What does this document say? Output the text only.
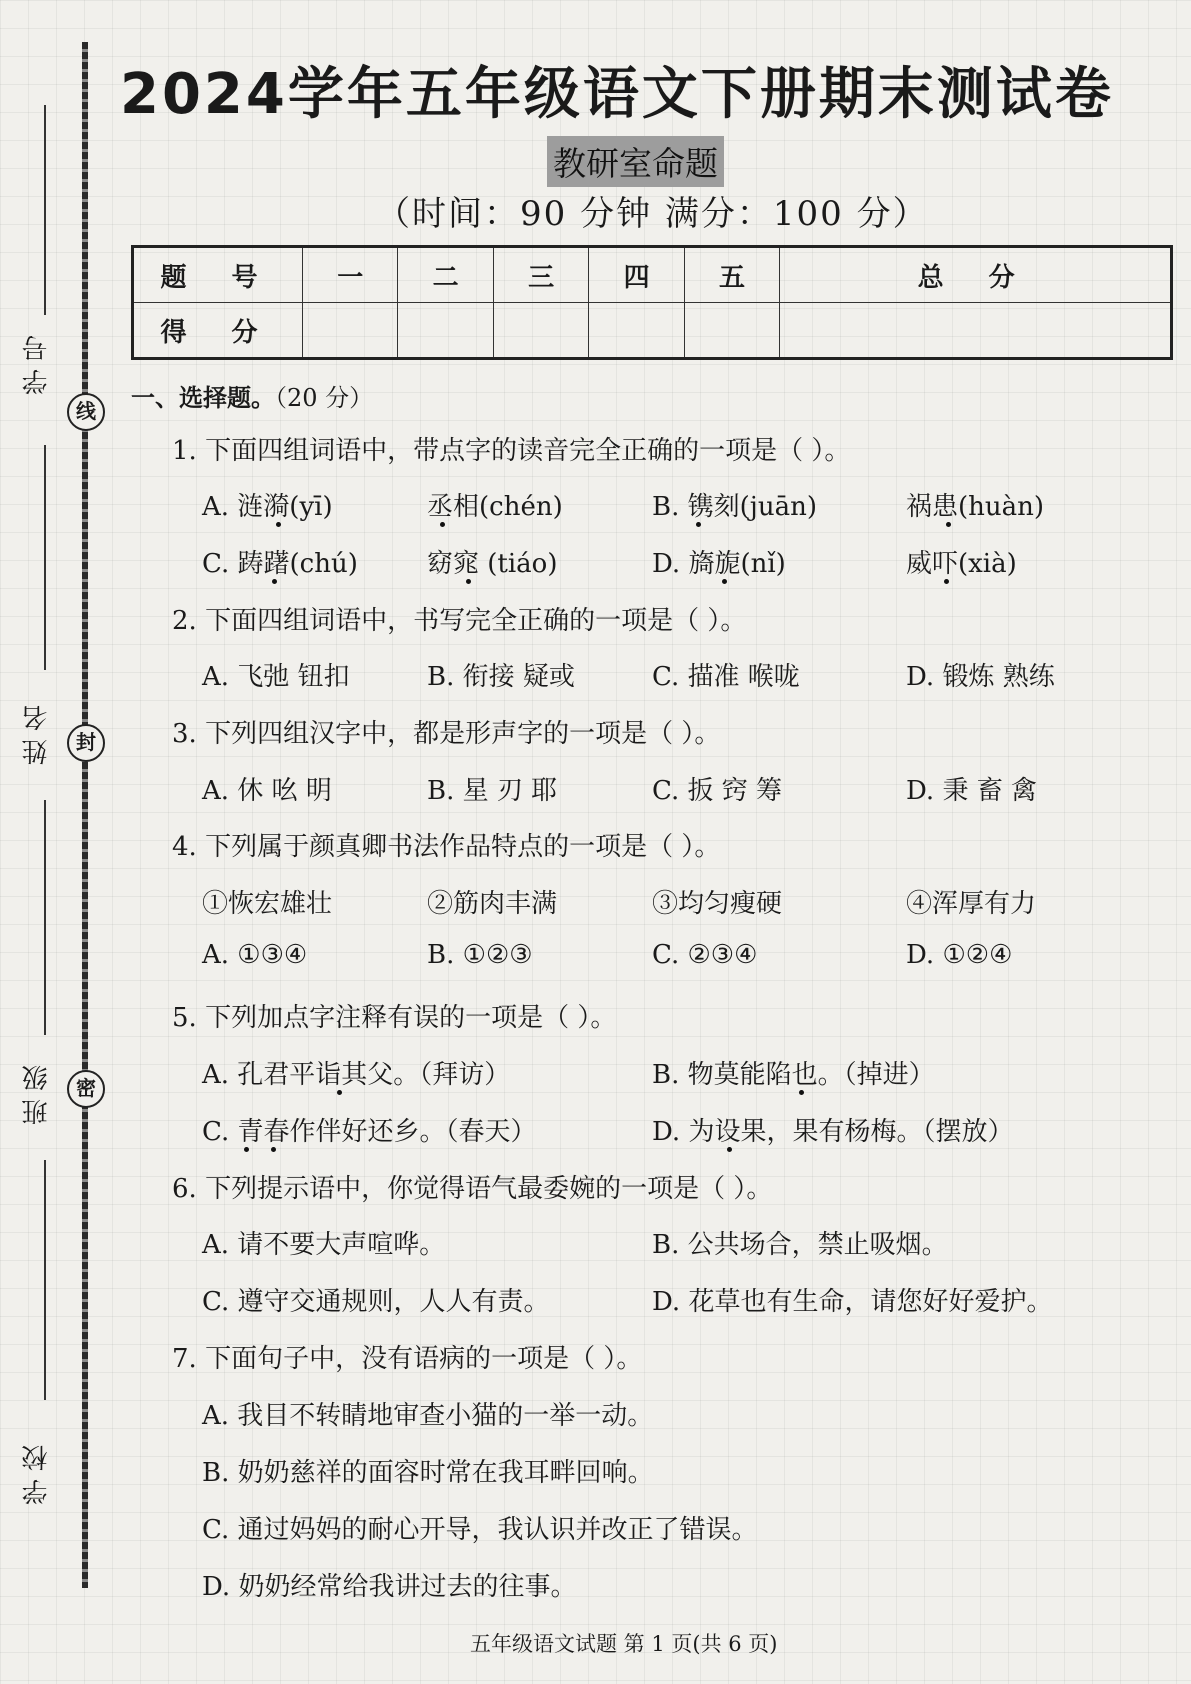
线
封
密
学 号
姓 名
班 级
学 校
2024学年五年级语文下册期末测试卷
教研室命题
（时间：90 分钟 满分：100 分）
题 号	一	二	三	四	五	总 分
得 分						
一、选择题。（20 分）
1. 下面四组词语中，带点字的读音完全正确的一项是（ ）。
A. 涟漪(yī)	丞相(chén)	B. 镌刻(juān)	祸患(huàn)
C. 踌躇(chú)	窈窕 (tiáo)	D. 旖旎(nǐ)	威吓(xià)
2. 下面四组词语中，书写完全正确的一项是（ ）。
A. 飞弛 钮扣	B. 衔接 疑或	C. 描准 喉咙	D. 锻炼 熟练
3. 下列四组汉字中，都是形声字的一项是（ ）。
A. 休 吆 明	B. 星 刃 耶	C. 扳 窍 筹	D. 秉 畜 禽
4. 下列属于颜真卿书法作品特点的一项是（ ）。
①恢宏雄壮	②筋肉丰满	③均匀瘦硬	④浑厚有力
A. ①③④	B. ①②③	C. ②③④	D. ①②④
5. 下列加点字注释有误的一项是（ ）。
A. 孔君平诣其父。（拜访）	B. 物莫能陷也。（掉进）
C. 青春作伴好还乡。（春天）	D. 为设果，果有杨梅。（摆放）
6. 下列提示语中，你觉得语气最委婉的一项是（ ）。
A. 请不要大声喧哗。	B. 公共场合，禁止吸烟。
C. 遵守交通规则，人人有责。	D. 花草也有生命，请您好好爱护。
7. 下面句子中，没有语病的一项是（ ）。
A. 我目不转睛地审查小猫的一举一动。
B. 奶奶慈祥的面容时常在我耳畔回响。
C. 通过妈妈的耐心开导，我认识并改正了错误。
D. 奶奶经常给我讲过去的往事。
五年级语文试题 第 1 页(共 6 页)
